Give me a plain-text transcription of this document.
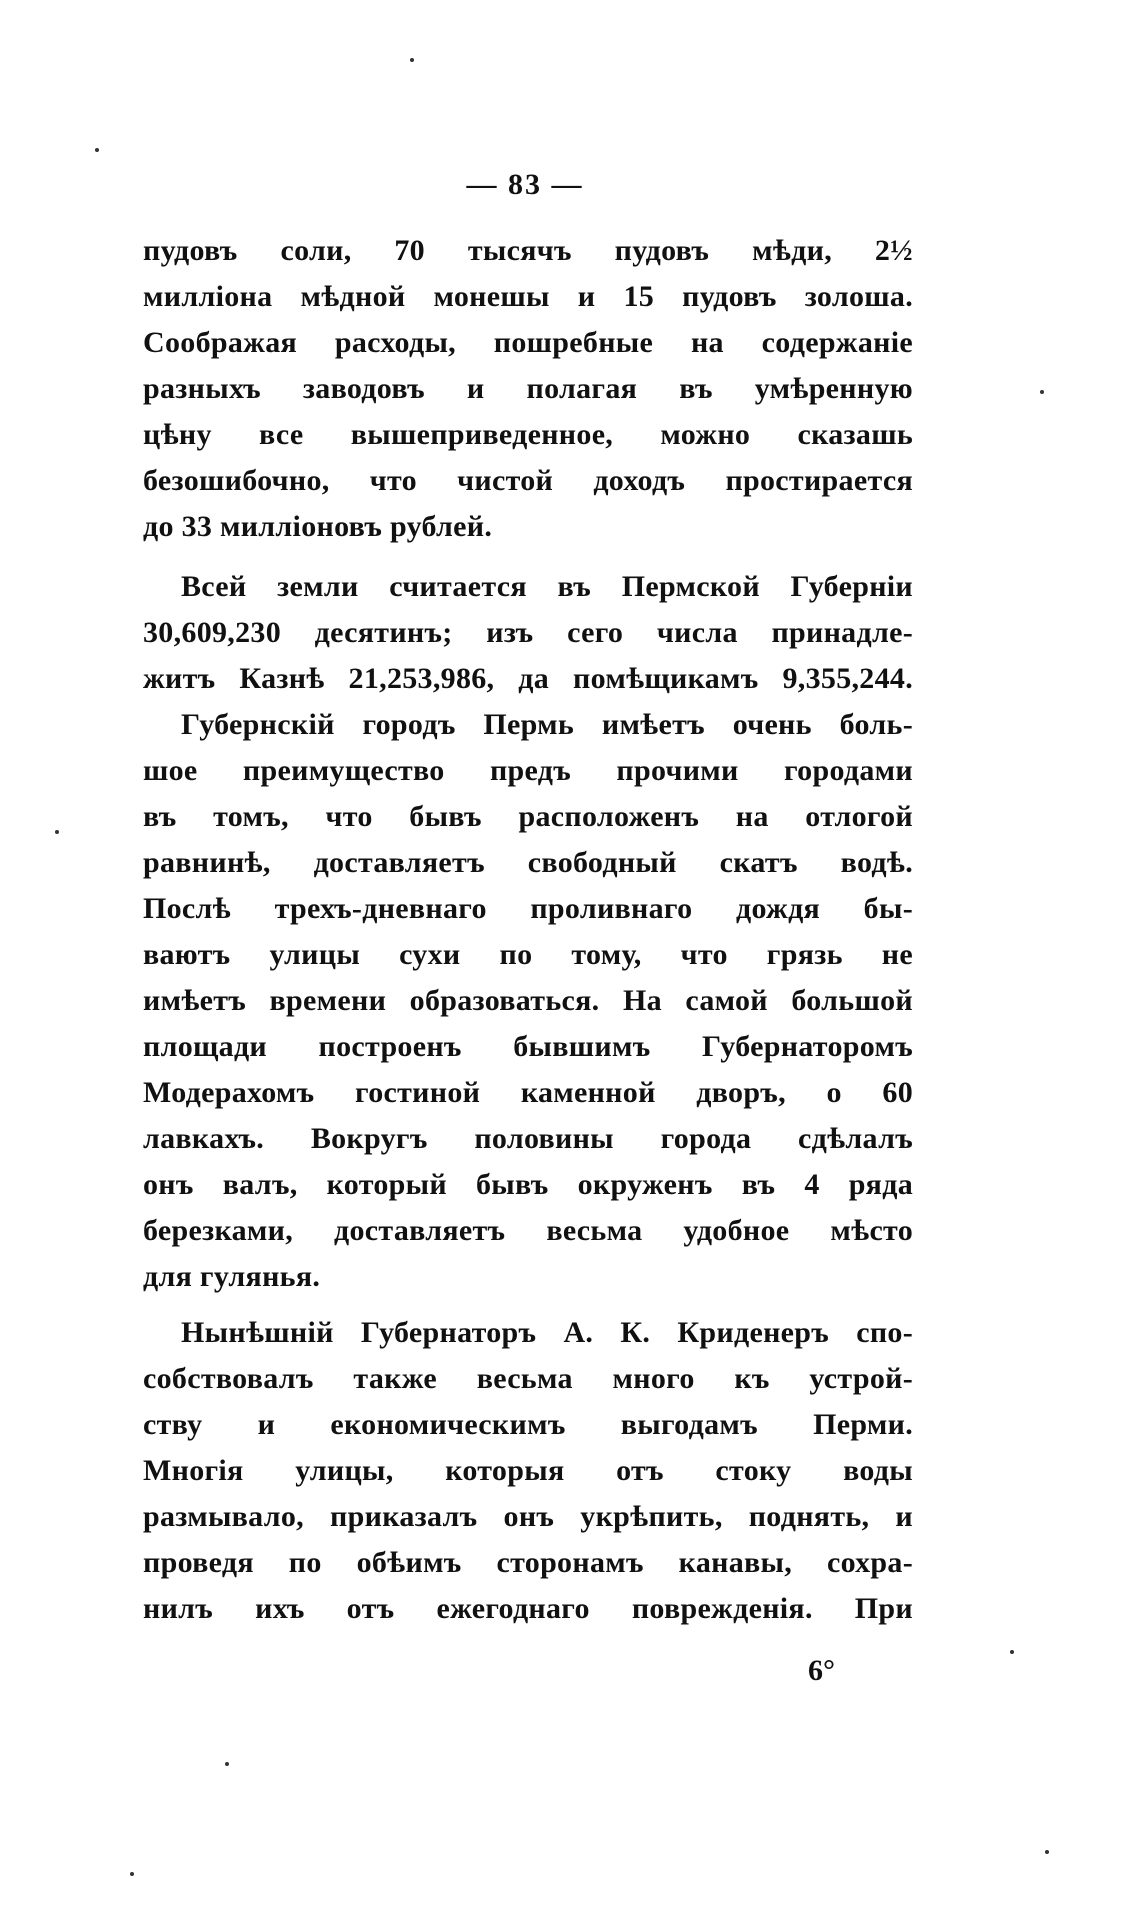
— 83 —
пудовъ соли, 70 тысячъ пудовъ мѣди, 2½
милліона мѣдной монешы и 15 пудовъ золоша.
Соображая расходы, пошребные на содержаніе
разныхъ заводовъ и полагая въ умѣренную
цѣну все вышеприведенное, можно сказашь
безошибочно, что чистой доходъ простирается
до 33 милліоновъ рублей.
Всей земли считается въ Пермской Губерніи
30,609,230 десятинъ; изъ сего числа принадле-
житъ Казнѣ 21,253,986, да помѣщикамъ 9,355,244.
Губернскій городъ Пермь имѣетъ очень боль-
шое преимущество предъ прочими городами
въ томъ, что бывъ расположенъ на отлогой
равнинѣ, доставляетъ свободный скатъ водѣ.
Послѣ трехъ-дневнаго проливнаго дождя бы-
ваютъ улицы сухи по тому, что грязь не
имѣетъ времени образоваться. На самой большой
площади построенъ бывшимъ Губернаторомъ
Модерахомъ гостиной каменной дворъ, о 60
лавкахъ. Вокругъ половины города сдѣлалъ
онъ валъ, который бывъ окруженъ въ 4 ряда
березками, доставляетъ весьма удобное мѣсто
для гулянья.
Нынѣшній Губернаторъ А. К. Криденеръ спо-
собствовалъ также весьма много къ устрой-
ству и економическимъ выгодамъ Перми.
Многія улицы, которыя отъ стоку воды
размывало, приказалъ онъ укрѣпить, поднять, и
проведя по обѣимъ сторонамъ канавы, сохра-
нилъ ихъ отъ ежегоднаго поврежденія. При
6°
